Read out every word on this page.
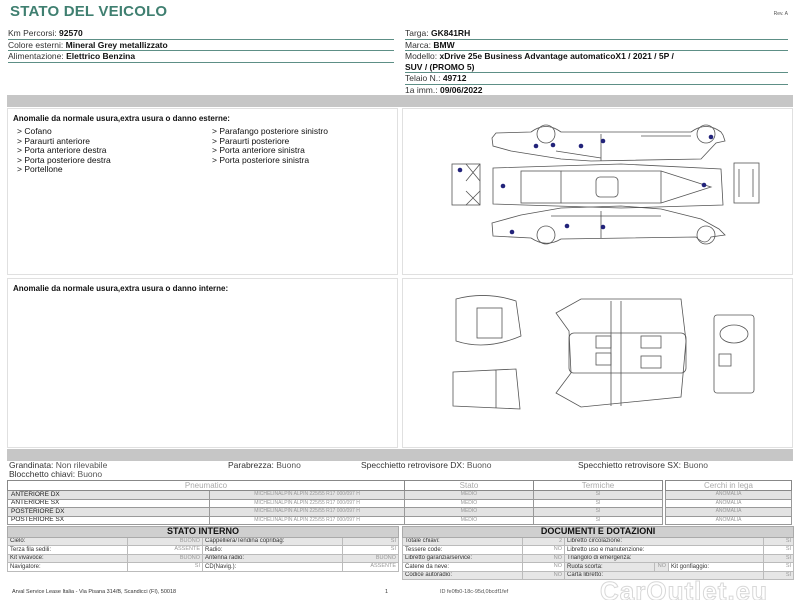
STATO DEL VEICOLO	Rev. A
Km Percorsi: 92570
Colore esterni: Mineral Grey metallizzato
Alimentazione: Elettrico Benzina
Targa: GK841RH
Marca: BMW
Modello: xDrive 25e Business Advantage automaticoX1 / 2021 / 5P /
SUV / (PROMO 5)
Telaio N.: 49712
1a imm.: 09/06/2022
Anomalie da normale usura,extra usura o danno esterne:
> Cofano
> Paraurti anteriore
> Porta anteriore destra
> Porta posteriore destra
> Portellone
> Parafango posteriore sinistro
> Paraurti posteriore
> Porta anteriore sinistra
> Porta posteriore sinistra
Anomalie da normale usura,extra usura o danno interne:
Grandinata: Non rilevabile
Blocchetto chiavi: Buono
Parabrezza: Buono	Specchietto retrovisore DX: Buono	Specchietto retrovisore SX: Buono
Pneumatico		Stato	Termiche
ANTERIORE DX	MICHELINALPIN ALPIN 225/55 R17 000/097 H	MEDIO	SI
ANTERIORE SX	MICHELINALPIN ALPIN 225/55 R17 000/097 H	MEDIO	SI
POSTERIORE DX	MICHELINALPIN ALPIN 225/55 R17 000/097 H	MEDIO	SI
POSTERIORE SX	MICHELINALPIN ALPIN 225/55 R17 000/097 H	MEDIO	SI
Cerchi in lega
ANOMALIA
ANOMALIA
ANOMALIA
ANOMALIA
STATO INTERNO			
Cielo:	BUONO	Cappelliera/Tendina copribag:	SI
Terza fila sedili:	ASSENTE	Radio:	SI
Kit vivavoce:	BUONO	Antenna radio:	BUONO
Navigatore:	SI	CD(Navig.):	ASSENTE
DOCUMENTI E DOTAZIONI					
Totale chiavi:	2	Libretto circolazione:			SI
Tessere code:	NO	Libretto uso e manutenzione:			SI
Libretto garanzia/service:	NO	Triangolo di emergenza:			SI
Catene da neve:	NO	Ruota scorta:	NO	Kit gonfiaggio:	SI
Codice autoradio:	NO	Carta libretto:			SI
CarOutlet.eu
Arval Service Lease Italia - Via Pisana 314/B, Scandicci (FI), 50018	1	ID fe0fb0-18c-95d,0bcdf1fef
